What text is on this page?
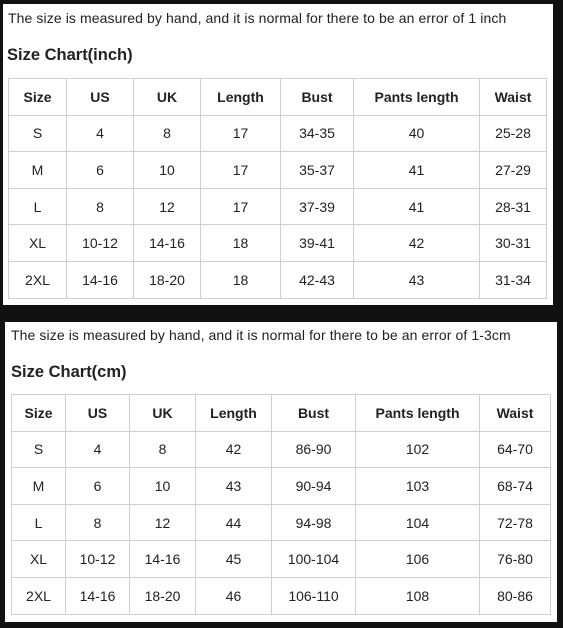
The size is measured by hand, and it is normal for there to be an error of 1 inch
Size Chart(inch)
Size	US	UK	Length	Bust	Pants length	Waist
S	4	8	17	34-35	40	25-28
M	6	10	17	35-37	41	27-29
L	8	12	17	37-39	41	28-31
XL	10-12	14-16	18	39-41	42	30-31
2XL	14-16	18-20	18	42-43	43	31-34
The size is measured by hand, and it is normal for there to be an error of 1-3cm
Size Chart(cm)
Size	US	UK	Length	Bust	Pants length	Waist
S	4	8	42	86-90	102	64-70
M	6	10	43	90-94	103	68-74
L	8	12	44	94-98	104	72-78
XL	10-12	14-16	45	100-104	106	76-80
2XL	14-16	18-20	46	106-110	108	80-86
